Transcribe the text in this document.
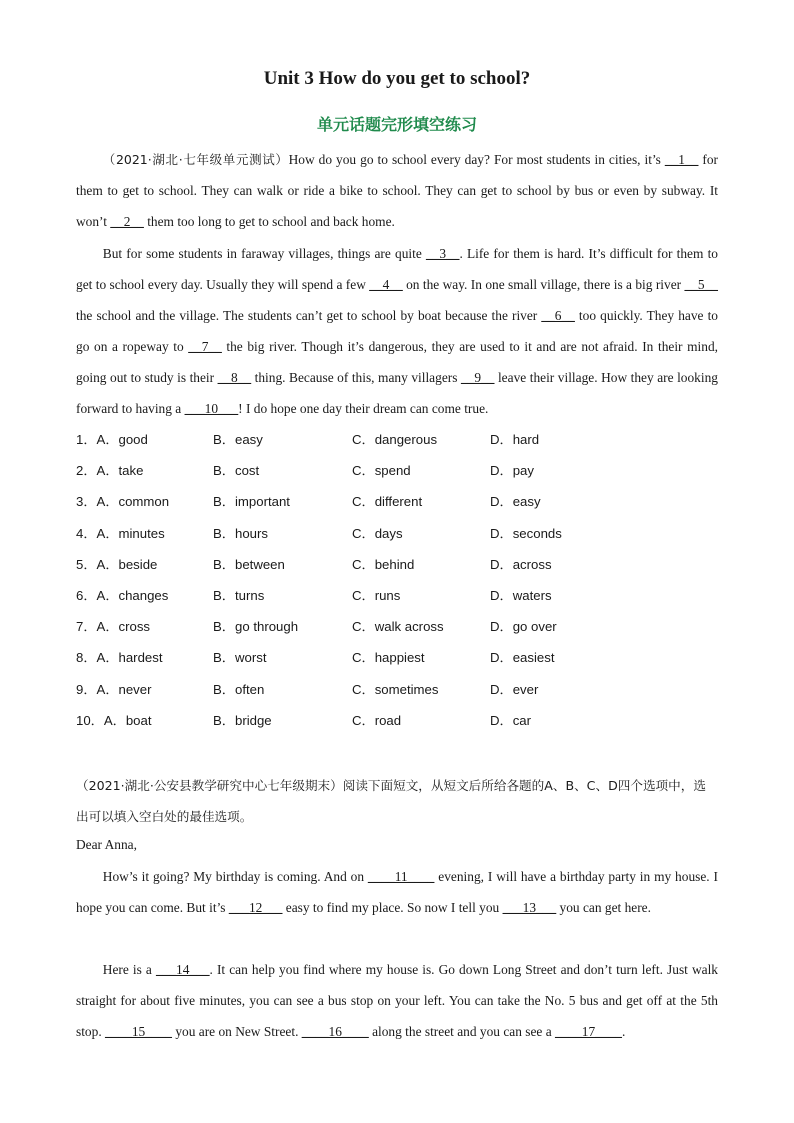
Unit 3 How do you get to school?
单元话题完形填空练习

（2021·湖北·七年级单元测试）How do you go to school every day? For most students in cities, it’s __1__ for them to get to school. They can walk or ride a bike to school. They can get to school by bus or even by subway. It won’t __2__ them too long to get to school and back home.

But for some students in faraway villages, things are quite __3__. Life for them is hard. It’s difficult for them to get to school every day. Usually they will spend a few __4__ on the way. In one small village, there is a big river __5__ the school and the village. The students can’t get to school by boat because the river __6__ too quickly. They have to go on a ropeway to __7__ the big river. Though it’s dangerous, they are used to it and are not afraid. In their mind, going out to study is their __8__ thing. Because of this, many villagers __9__ leave their village. How they are looking forward to having a ___10___! I do hope one day their dream can come true.

1．A．good	B．easy	C．dangerous	D．hard
2．A．take	B．cost	C．spend	D．pay
3．A．common	B．important	C．different	D．easy
4．A．minutes	B．hours	C．days	D．seconds
5．A．beside	B．between	C．behind	D．across
6．A．changes	B．turns	C．runs	D．waters
7．A．cross	B．go through	C．walk across	D．go over
8．A．hardest	B．worst	C．happiest	D．easiest
9．A．never	B．often	C．sometimes	D．ever
10．A．boat	B．bridge	C．road	D．car

（2021·湖北·公安县教学研究中心七年级期末）阅读下面短文，从短文后所给各题的A、B、C、D四个选项中，选出可以填入空白处的最佳选项。

Dear Anna,

How’s it going? My birthday is coming. And on ____11____ evening, I will have a birthday party in my house. I hope you can come. But it’s ___12___ easy to find my place. So now I tell you ___13___ you can get here.

Here is a ___14___. It can help you find where my house is. Go down Long Street and don’t turn left. Just walk straight for about five minutes, you can see a bus stop on your left. You can take the No. 5 bus and get off at the 5th stop. ____15____ you are on New Street. ____16____ along the street and you can see a ____17____.
